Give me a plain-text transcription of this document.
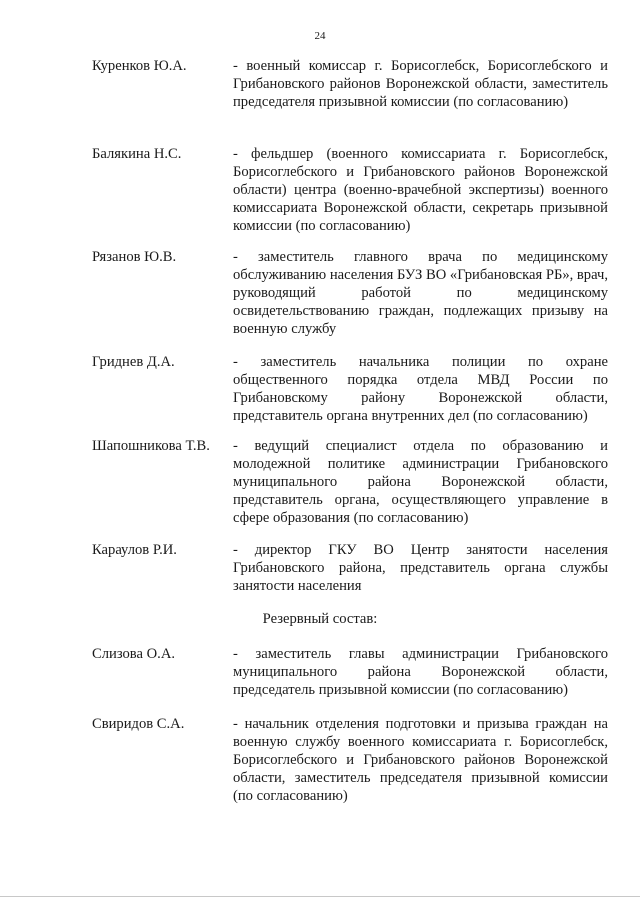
24
Куренков Ю.А.	- военный комиссар г. Борисоглебск, Борисоглебского и Грибановского районов Воронежской области, заместитель председателя призывной комиссии (по согласованию)
Балякина Н.С.	- фельдшер (военного комиссариата г. Борисоглебск, Борисоглебского и Грибановского районов Воронежской области) центра (военно-врачебной экспертизы) военного комиссариата Воронежской области, секретарь призывной комиссии (по согласованию)
Рязанов Ю.В.	- заместитель главного врача по медицинскому обслуживанию населения БУЗ ВО «Грибановская РБ», врач, руководящий работой по медицинскому освидетельствованию граждан, подлежащих призыву на военную службу
Гриднев Д.А.	- заместитель начальника полиции по охране общественного порядка отдела МВД России по Грибановскому району Воронежской области, представитель органа внутренних дел (по согласованию)
Шапошникова Т.В. - ведущий специалист отдела по образованию и молодежной политике администрации Грибановского муниципального района Воронежской области, представитель органа, осуществляющего управление в сфере образования (по согласованию)
Караулов Р.И.	- директор ГКУ ВО Центр занятости населения Грибановского района, представитель органа службы занятости населения
Резервный состав:
Слизова О.А.	- заместитель главы администрации Грибановского муниципального района Воронежской области, председатель призывной комиссии (по согласованию)
Свиридов С.А.	- начальник отделения подготовки и призыва граждан на военную службу военного комиссариата г. Борисоглебск, Борисоглебского и Грибановского районов Воронежской области, заместитель председателя призывной комиссии (по согласованию)
